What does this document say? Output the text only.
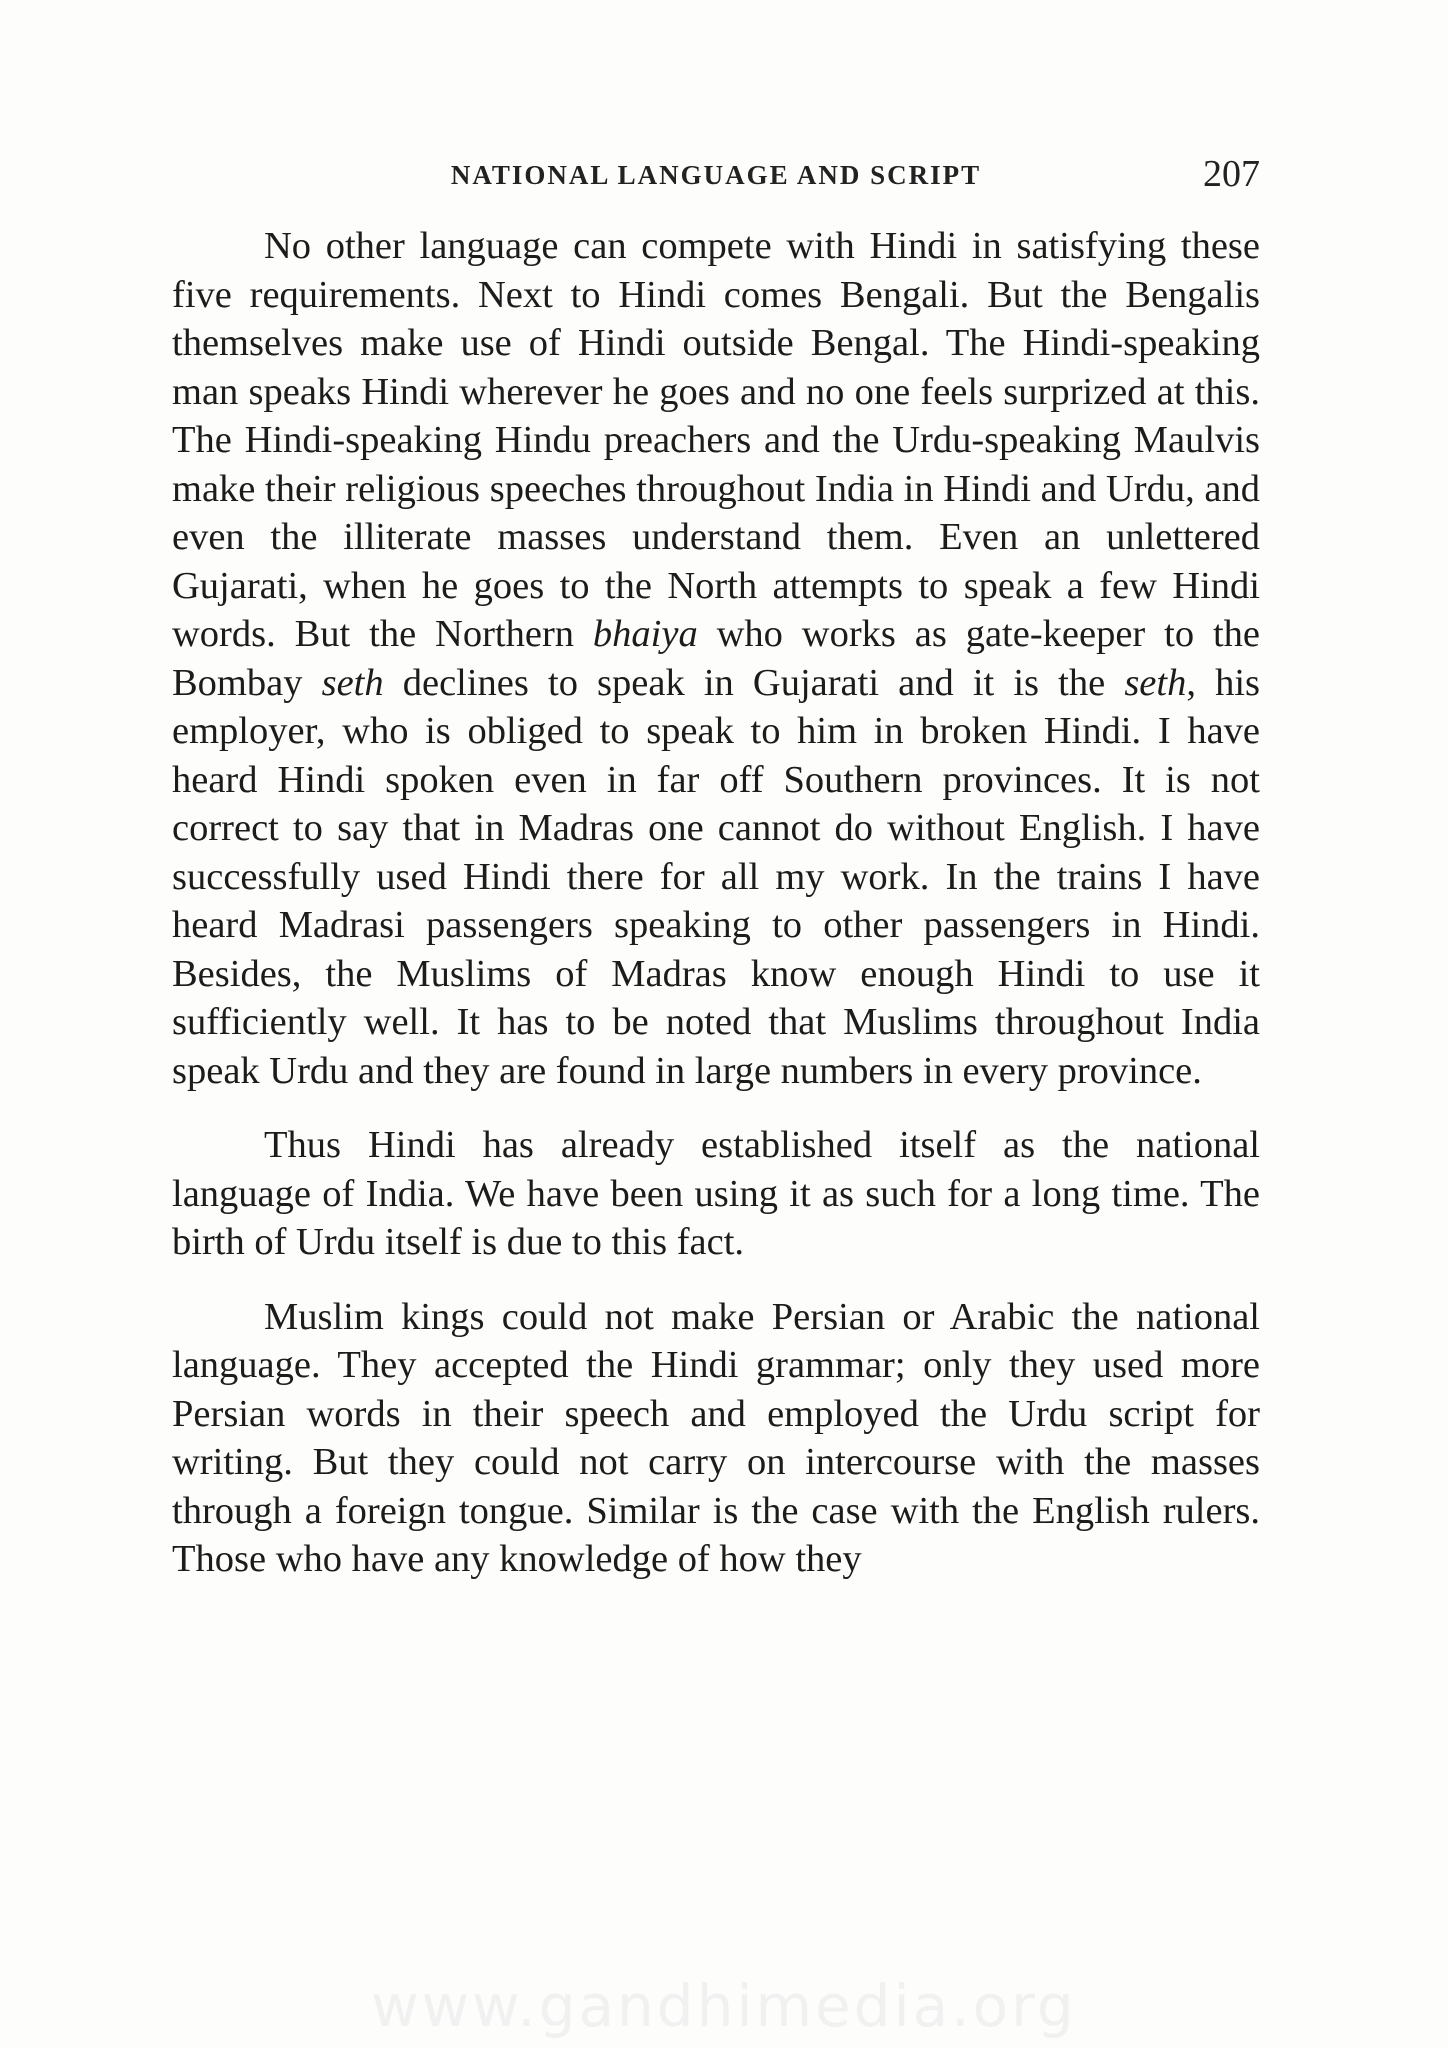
NATIONAL LANGUAGE AND SCRIPT	207

No other language can compete with Hindi in satisfying these five requirements. Next to Hindi comes Bengali. But the Bengalis themselves make use of Hindi outside Bengal. The Hindi-speaking man speaks Hindi wherever he goes and no one feels surprized at this. The Hindi-speaking Hindu preachers and the Urdu-speaking Maulvis make their religious speeches throughout India in Hindi and Urdu, and even the illiterate masses understand them. Even an unlettered Gujarati, when he goes to the North attempts to speak a few Hindi words. But the Northern bhaiya who works as gate-keeper to the Bombay seth declines to speak in Gujarati and it is the seth, his employer, who is obliged to speak to him in broken Hindi. I have heard Hindi spoken even in far off Southern provinces. It is not correct to say that in Madras one cannot do without English. I have successfully used Hindi there for all my work. In the trains I have heard Madrasi passengers speaking to other passengers in Hindi. Besides, the Muslims of Madras know enough Hindi to use it sufficiently well. It has to be noted that Muslims throughout India speak Urdu and they are found in large numbers in every province.

Thus Hindi has already established itself as the national language of India. We have been using it as such for a long time. The birth of Urdu itself is due to this fact.

Muslim kings could not make Persian or Arabic the national language. They accepted the Hindi grammar; only they used more Persian words in their speech and employed the Urdu script for writing. But they could not carry on intercourse with the masses through a foreign tongue. Similar is the case with the English rulers. Those who have any knowledge of how they

www.gandhimedia.org
